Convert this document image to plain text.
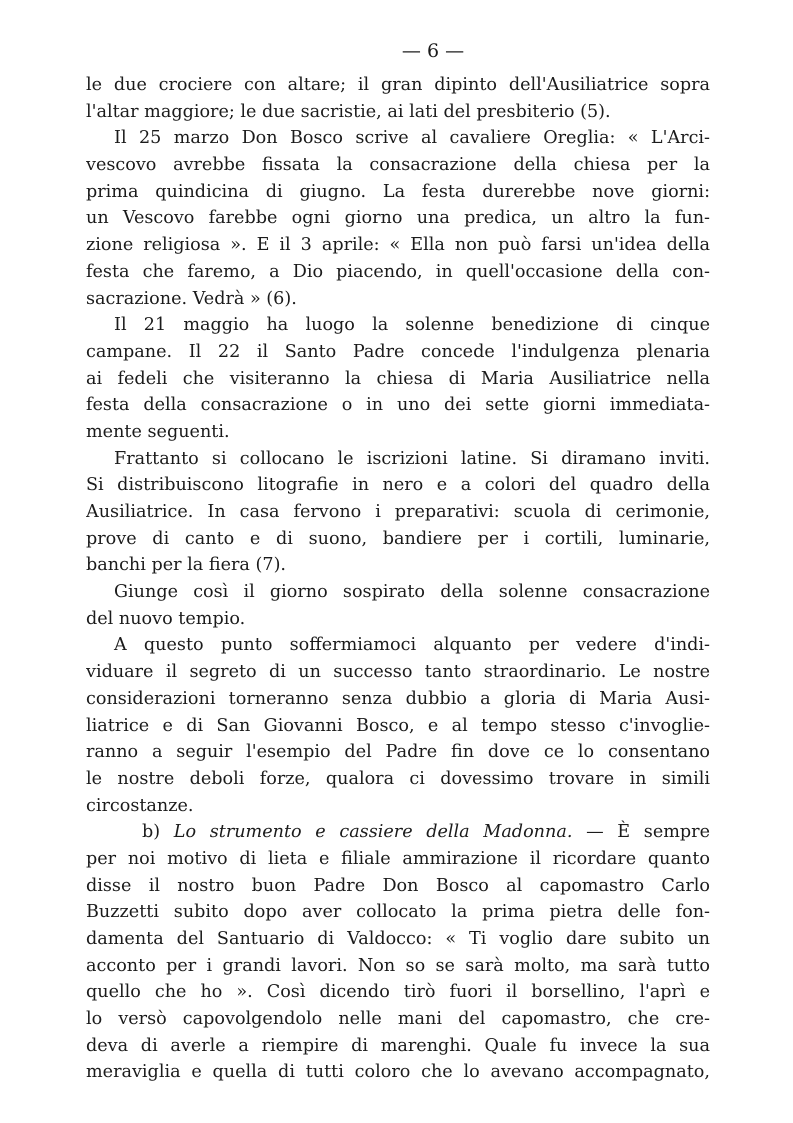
— 6 —
le due crociere con altare; il gran dipinto dell'Ausiliatrice sopra
l'altar maggiore; le due sacristie, ai lati del presbiterio (5).
Il 25 marzo Don Bosco scrive al cavaliere Oreglia: « L'Arci-
vescovo avrebbe fissata la consacrazione della chiesa per la
prima quindicina di giugno. La festa durerebbe nove giorni:
un Vescovo farebbe ogni giorno una predica, un altro la fun-
zione religiosa ». E il 3 aprile: « Ella non può farsi un'idea della
festa che faremo, a Dio piacendo, in quell'occasione della con-
sacrazione. Vedrà » (6).
Il 21 maggio ha luogo la solenne benedizione di cinque
campane. Il 22 il Santo Padre concede l'indulgenza plenaria
ai fedeli che visiteranno la chiesa di Maria Ausiliatrice nella
festa della consacrazione o in uno dei sette giorni immediata-
mente seguenti.
Frattanto si collocano le iscrizioni latine. Si diramano inviti.
Si distribuiscono litografie in nero e a colori del quadro della
Ausiliatrice. In casa fervono i preparativi: scuola di cerimonie,
prove di canto e di suono, bandiere per i cortili, luminarie,
banchi per la fiera (7).
Giunge così il giorno sospirato della solenne consacrazione
del nuovo tempio.
A questo punto soffermiamoci alquanto per vedere d'indi-
viduare il segreto di un successo tanto straordinario. Le nostre
considerazioni torneranno senza dubbio a gloria di Maria Ausi-
liatrice e di San Giovanni Bosco, e al tempo stesso c'invoglie-
ranno a seguir l'esempio del Padre fin dove ce lo consentano
le nostre deboli forze, qualora ci dovessimo trovare in simili
circostanze.
b) Lo strumento e cassiere della Madonna. — È sempre
per noi motivo di lieta e filiale ammirazione il ricordare quanto
disse il nostro buon Padre Don Bosco al capomastro Carlo
Buzzetti subito dopo aver collocato la prima pietra delle fon-
damenta del Santuario di Valdocco: « Ti voglio dare subito un
acconto per i grandi lavori. Non so se sarà molto, ma sarà tutto
quello che ho ». Così dicendo tirò fuori il borsellino, l'aprì e
lo versò capovolgendolo nelle mani del capomastro, che cre-
deva di averle a riempire di marenghi. Quale fu invece la sua
meraviglia e quella di tutti coloro che lo avevano accompagnato,
